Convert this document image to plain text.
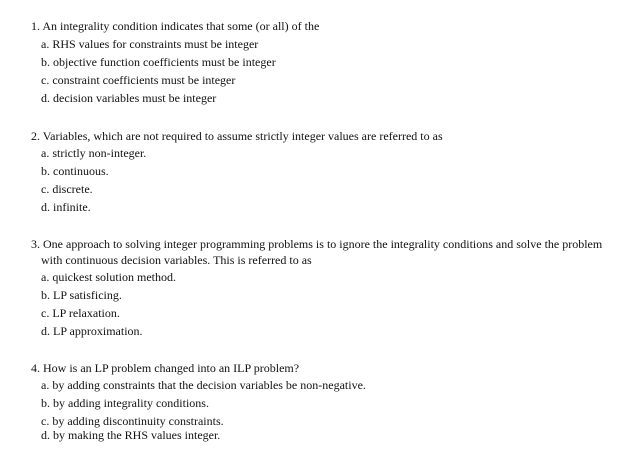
1. An integrality condition indicates that some (or all) of the
a. RHS values for constraints must be integer
b. objective function coefficients must be integer
c. constraint coefficients must be integer
d. decision variables must be integer
2. Variables, which are not required to assume strictly integer values are referred to as
a. strictly non-integer.
b. continuous.
c. discrete.
d. infinite.
3. One approach to solving integer programming problems is to ignore the integrality conditions and solve the problem
with continuous decision variables. This is referred to as
a. quickest solution method.
b. LP satisficing.
c. LP relaxation.
d. LP approximation.
4. How is an LP problem changed into an ILP problem?
a. by adding constraints that the decision variables be non-negative.
b. by adding integrality conditions.
c. by adding discontinuity constraints.
d. by making the RHS values integer.
